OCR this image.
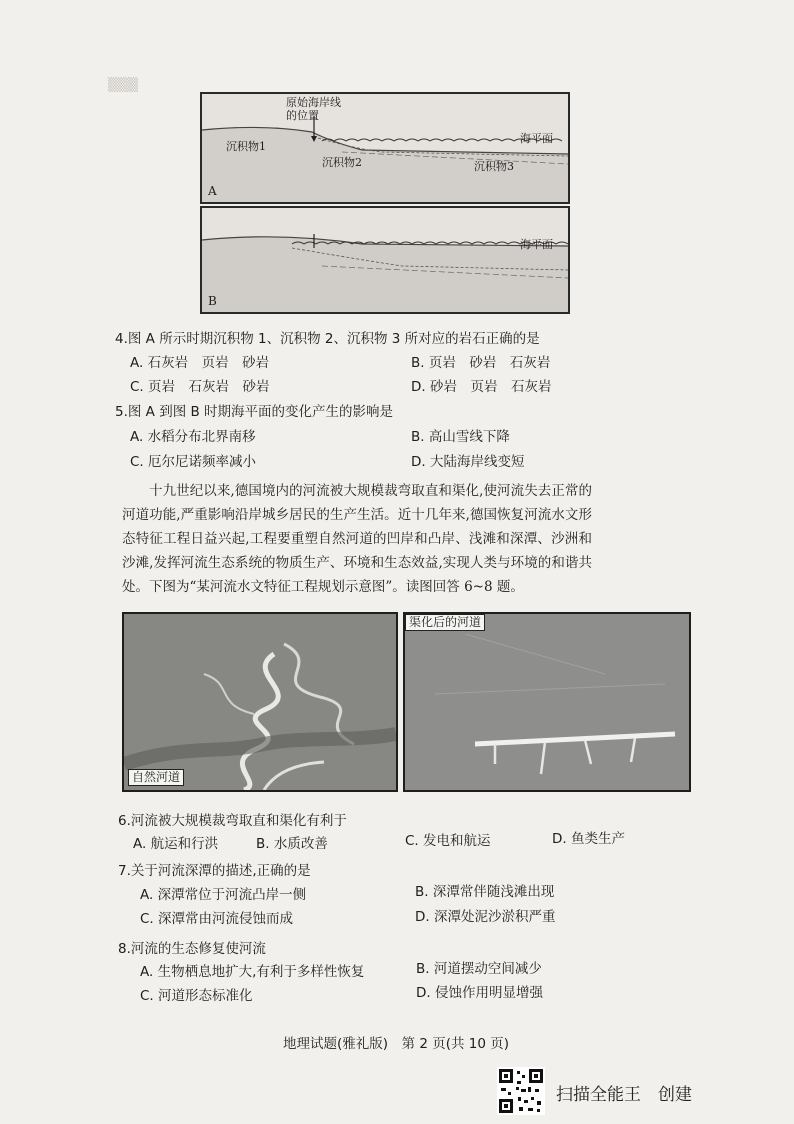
▒▒▒
原始海岸线
的位置
沉积物1
沉积物2	沉积物3
海平面
A
海平面
B
4.图 A 所示时期沉积物 1、沉积物 2、沉积物 3 所对应的岩石正确的是
A. 石灰岩　页岩　砂岩	B. 页岩　砂岩　石灰岩
C. 页岩　石灰岩　砂岩	D. 砂岩　页岩　石灰岩
5.图 A 到图 B 时期海平面的变化产生的影响是
A. 水稻分布北界南移	B. 高山雪线下降
C. 厄尔尼诺频率减小	D. 大陆海岸线变短
十九世纪以来,德国境内的河流被大规模裁弯取直和渠化,使河流失去正常的河道功能,严重影响沿岸城乡居民的生产生活。近十几年来,德国恢复河流水文形态特征工程日益兴起,工程要重塑自然河道的凹岸和凸岸、浅滩和深潭、沙洲和沙滩,发挥河流生态系统的物质生产、环境和生态效益,实现人类与环境的和谐共处。下图为“某河流水文特征工程规划示意图”。读图回答 6~8 题。
自然河道
渠化后的河道
6.河流被大规模裁弯取直和渠化有利于
A. 航运和行洪	B. 水质改善	C. 发电和航运	D. 鱼类生产
7.关于河流深潭的描述,正确的是
A. 深潭常位于河流凸岸一侧	B. 深潭常伴随浅滩出现
C. 深潭常由河流侵蚀而成	D. 深潭处泥沙淤积严重
8.河流的生态修复使河流
A. 生物栖息地扩大,有利于多样性恢复	B. 河道摆动空间减少
C. 河道形态标准化	D. 侵蚀作用明显增强
地理试题(雅礼版)　第 2 页(共 10 页)
扫描全能王　创建
